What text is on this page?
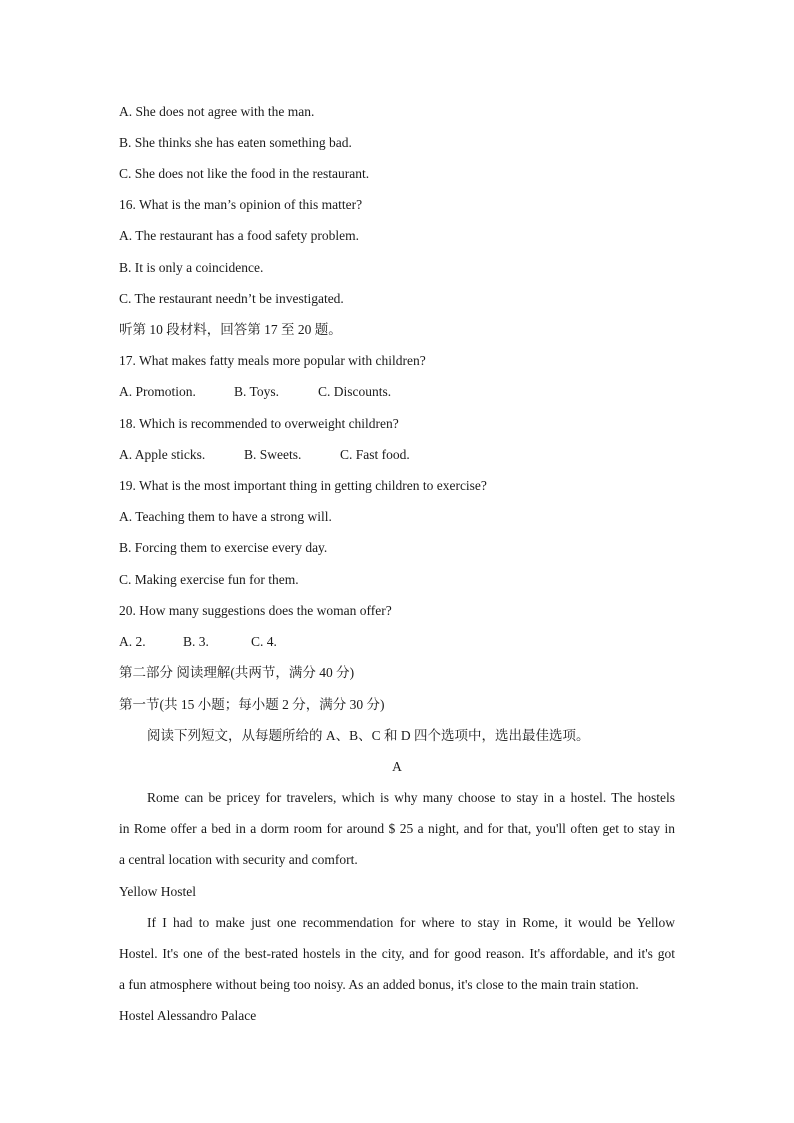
A. She does not agree with the man.
B. She thinks she has eaten something bad.
C. She does not like the food in the restaurant.
16. What is the man’s opinion of this matter?
A. The restaurant has a food safety problem.
B. It is only a coincidence.
C. The restaurant needn’t be investigated.
听第 10 段材料，回答第 17 至 20 题。
17. What makes fatty meals more popular with children?
A. Promotion.	B. Toys.	C. Discounts.
18. Which is recommended to overweight children?
A. Apple sticks.	B. Sweets.	C. Fast food.
19. What is the most important thing in getting children to exercise?
A. Teaching them to have a strong will.
B. Forcing them to exercise every day.
C. Making exercise fun for them.
20. How many suggestions does the woman offer?
A. 2.	B. 3.	C. 4.
第二部分 阅读理解(共两节，满分 40 分)
第一节(共 15 小题；每小题 2 分，满分 30 分)
阅读下列短文，从每题所给的 A、B、C 和 D 四个选项中，选出最佳选项。
A
Rome can be pricey for travelers, which is why many choose to stay in a hostel. The hostels
in Rome offer a bed in a dorm room for around $ 25 a night, and for that, you'll often get to stay in
a central location with security and comfort.
Yellow Hostel
If I had to make just one recommendation for where to stay in Rome, it would be Yellow
Hostel. It's one of the best-rated hostels in the city, and for good reason. It's affordable, and it's got
a fun atmosphere without being too noisy. As an added bonus, it's close to the main train station.
Hostel Alessandro Palace
